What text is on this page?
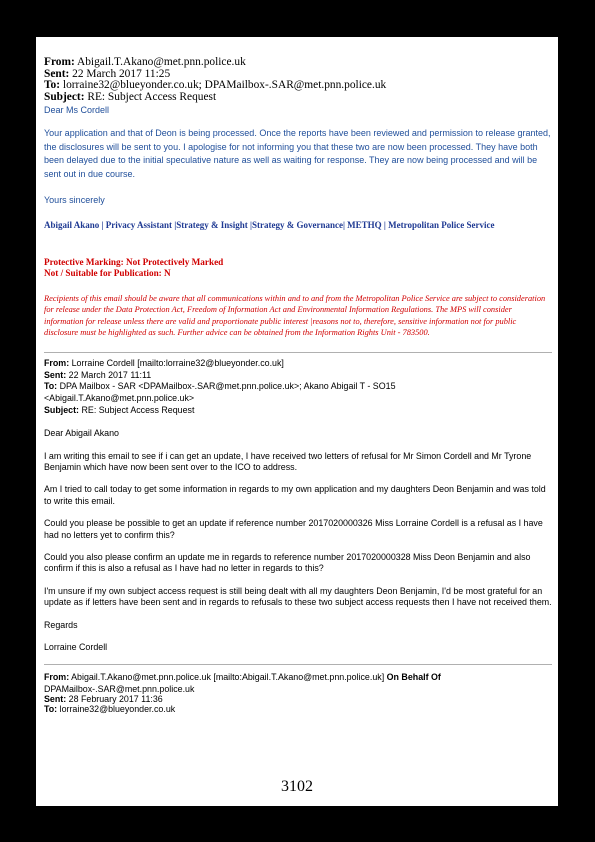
From: Abigail.T.Akano@met.pnn.police.uk
Sent: 22 March 2017 11:25
To: lorraine32@blueyonder.co.uk; DPAMailbox-.SAR@met.pnn.police.uk
Subject: RE: Subject Access Request

Dear Ms Cordell

Your application and that of Deon is being processed. Once the reports have been reviewed and permission to release granted, the disclosures will be sent to you. I apologise for not informing you that these two are now been processed. They have both been delayed due to the initial speculative nature as well as waiting for response. They are now being processed and will be sent out in due course.

Yours sincerely

Abigail Akano | Privacy Assistant |Strategy & Insight |Strategy & Governance| METHQ | Metropolitan Police Service

Protective Marking: Not Protectively Marked

Not / Suitable for Publication: N

Recipients of this email should be aware that all communications within and to and from the Metropolitan Police Service are subject to consideration for release under the Data Protection Act, Freedom of Information Act and Environmental Information Regulations. The MPS will consider information for release unless there are valid and proportionate public interest |reasons not to, therefore, sensitive information not for public disclosure must be highlighted as such. Further advice can be obtained from the Information Rights Unit - 783500.

From: Lorraine Cordell [mailto:lorraine32@blueyonder.co.uk]

Sent: 22 March 2017 11:11

To: DPA Mailbox - SAR <DPAMailbox-.SAR@met.pnn.police.uk>; Akano Abigail T - SO15 <Abigail.T.Akano@met.pnn.police.uk>

Subject: RE: Subject Access Request

Dear Abigail Akano

I am writing this email to see if i can get an update, I have received two letters of refusal for Mr Simon Cordell and Mr Tyrone Benjamin which have now been sent over to the ICO to address.

Am I tried to call today to get some information in regards to my own application and my daughters Deon Benjamin and was told to write this email.

Could you please be possible to get an update if reference number 2017020000326 Miss Lorraine Cordell is a refusal as I have had no letters yet to confirm this?

Could you also please confirm an update me in regards to reference number 2017020000328 Miss Deon Benjamin and also confirm if this is also a refusal as I have had no letter in regards to this?

I'm unsure if my own subject access request is still being dealt with all my daughters Deon Benjamin, I'd be most grateful for an update as if letters have been sent and in regards to refusals to these two subject access requests then I have not received them.

Regards

Lorraine Cordell

From: Abigail.T.Akano@met.pnn.police.uk [mailto:Abigail.T.Akano@met.pnn.police.uk] On Behalf Of

DPAMailbox-.SAR@met.pnn.police.uk

Sent: 28 February 2017 11:36

To: lorraine32@blueyonder.co.uk

3102
